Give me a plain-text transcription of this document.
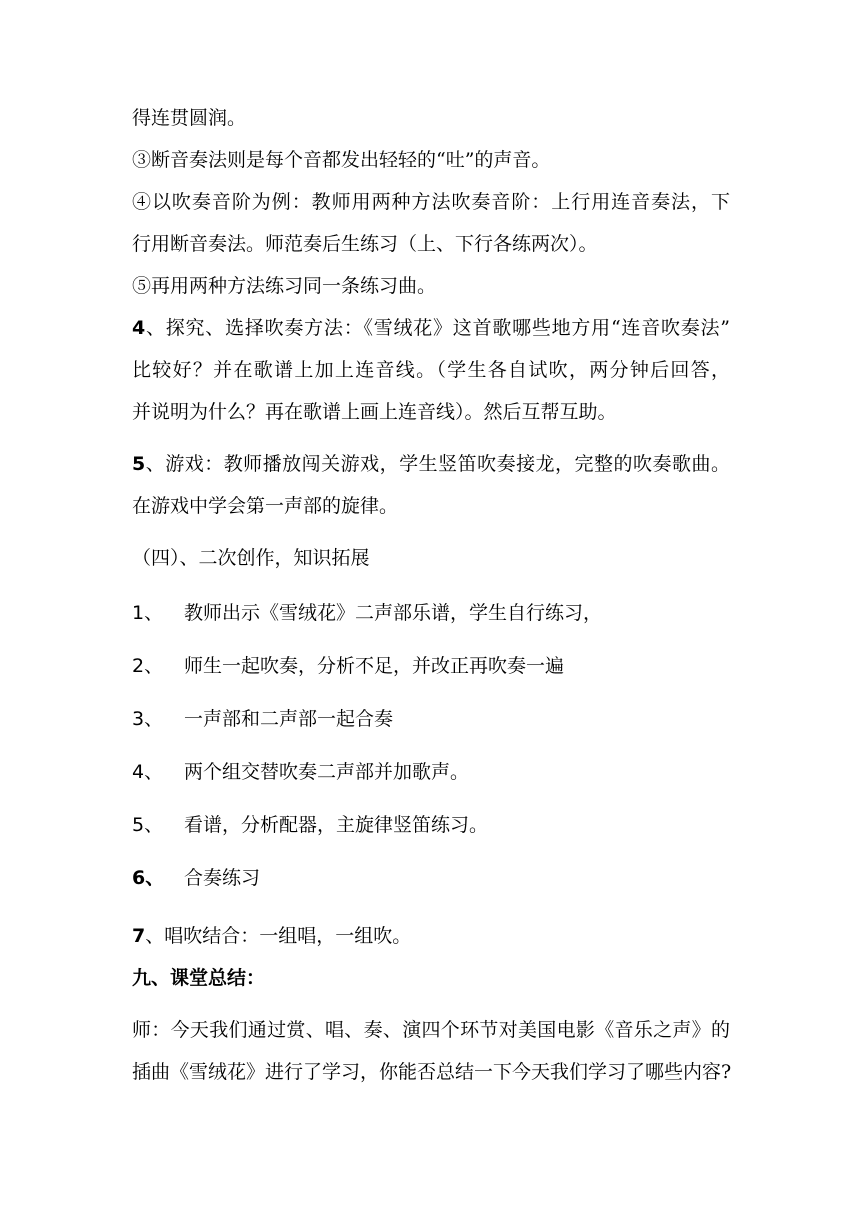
得连贯圆润。
③断音奏法则是每个音都发出轻轻的“吐”的声音。
④以吹奏音阶为例：教师用两种方法吹奏音阶：上行用连音奏法，下
行用断音奏法。师范奏后生练习（上、下行各练两次）。
⑤再用两种方法练习同一条练习曲。
4、探究、选择吹奏方法：《雪绒花》这首歌哪些地方用“连音吹奏法”
比较好？并在歌谱上加上连音线。（学生各自试吹，两分钟后回答，
并说明为什么？再在歌谱上画上连音线）。然后互帮互助。
5、游戏：教师播放闯关游戏，学生竖笛吹奏接龙，完整的吹奏歌曲。
在游戏中学会第一声部的旋律。
（四）、二次创作，知识拓展
1、 教师出示《雪绒花》二声部乐谱，学生自行练习，
2、 师生一起吹奏，分析不足，并改正再吹奏一遍
3、 一声部和二声部一起合奏
4、 两个组交替吹奏二声部并加歌声。
5、 看谱，分析配器，主旋律竖笛练习。
6、 合奏练习
7、唱吹结合：一组唱，一组吹。
九、课堂总结：
师：今天我们通过赏、唱、奏、演四个环节对美国电影《音乐之声》的
插曲《雪绒花》进行了学习，你能否总结一下今天我们学习了哪些内容?
